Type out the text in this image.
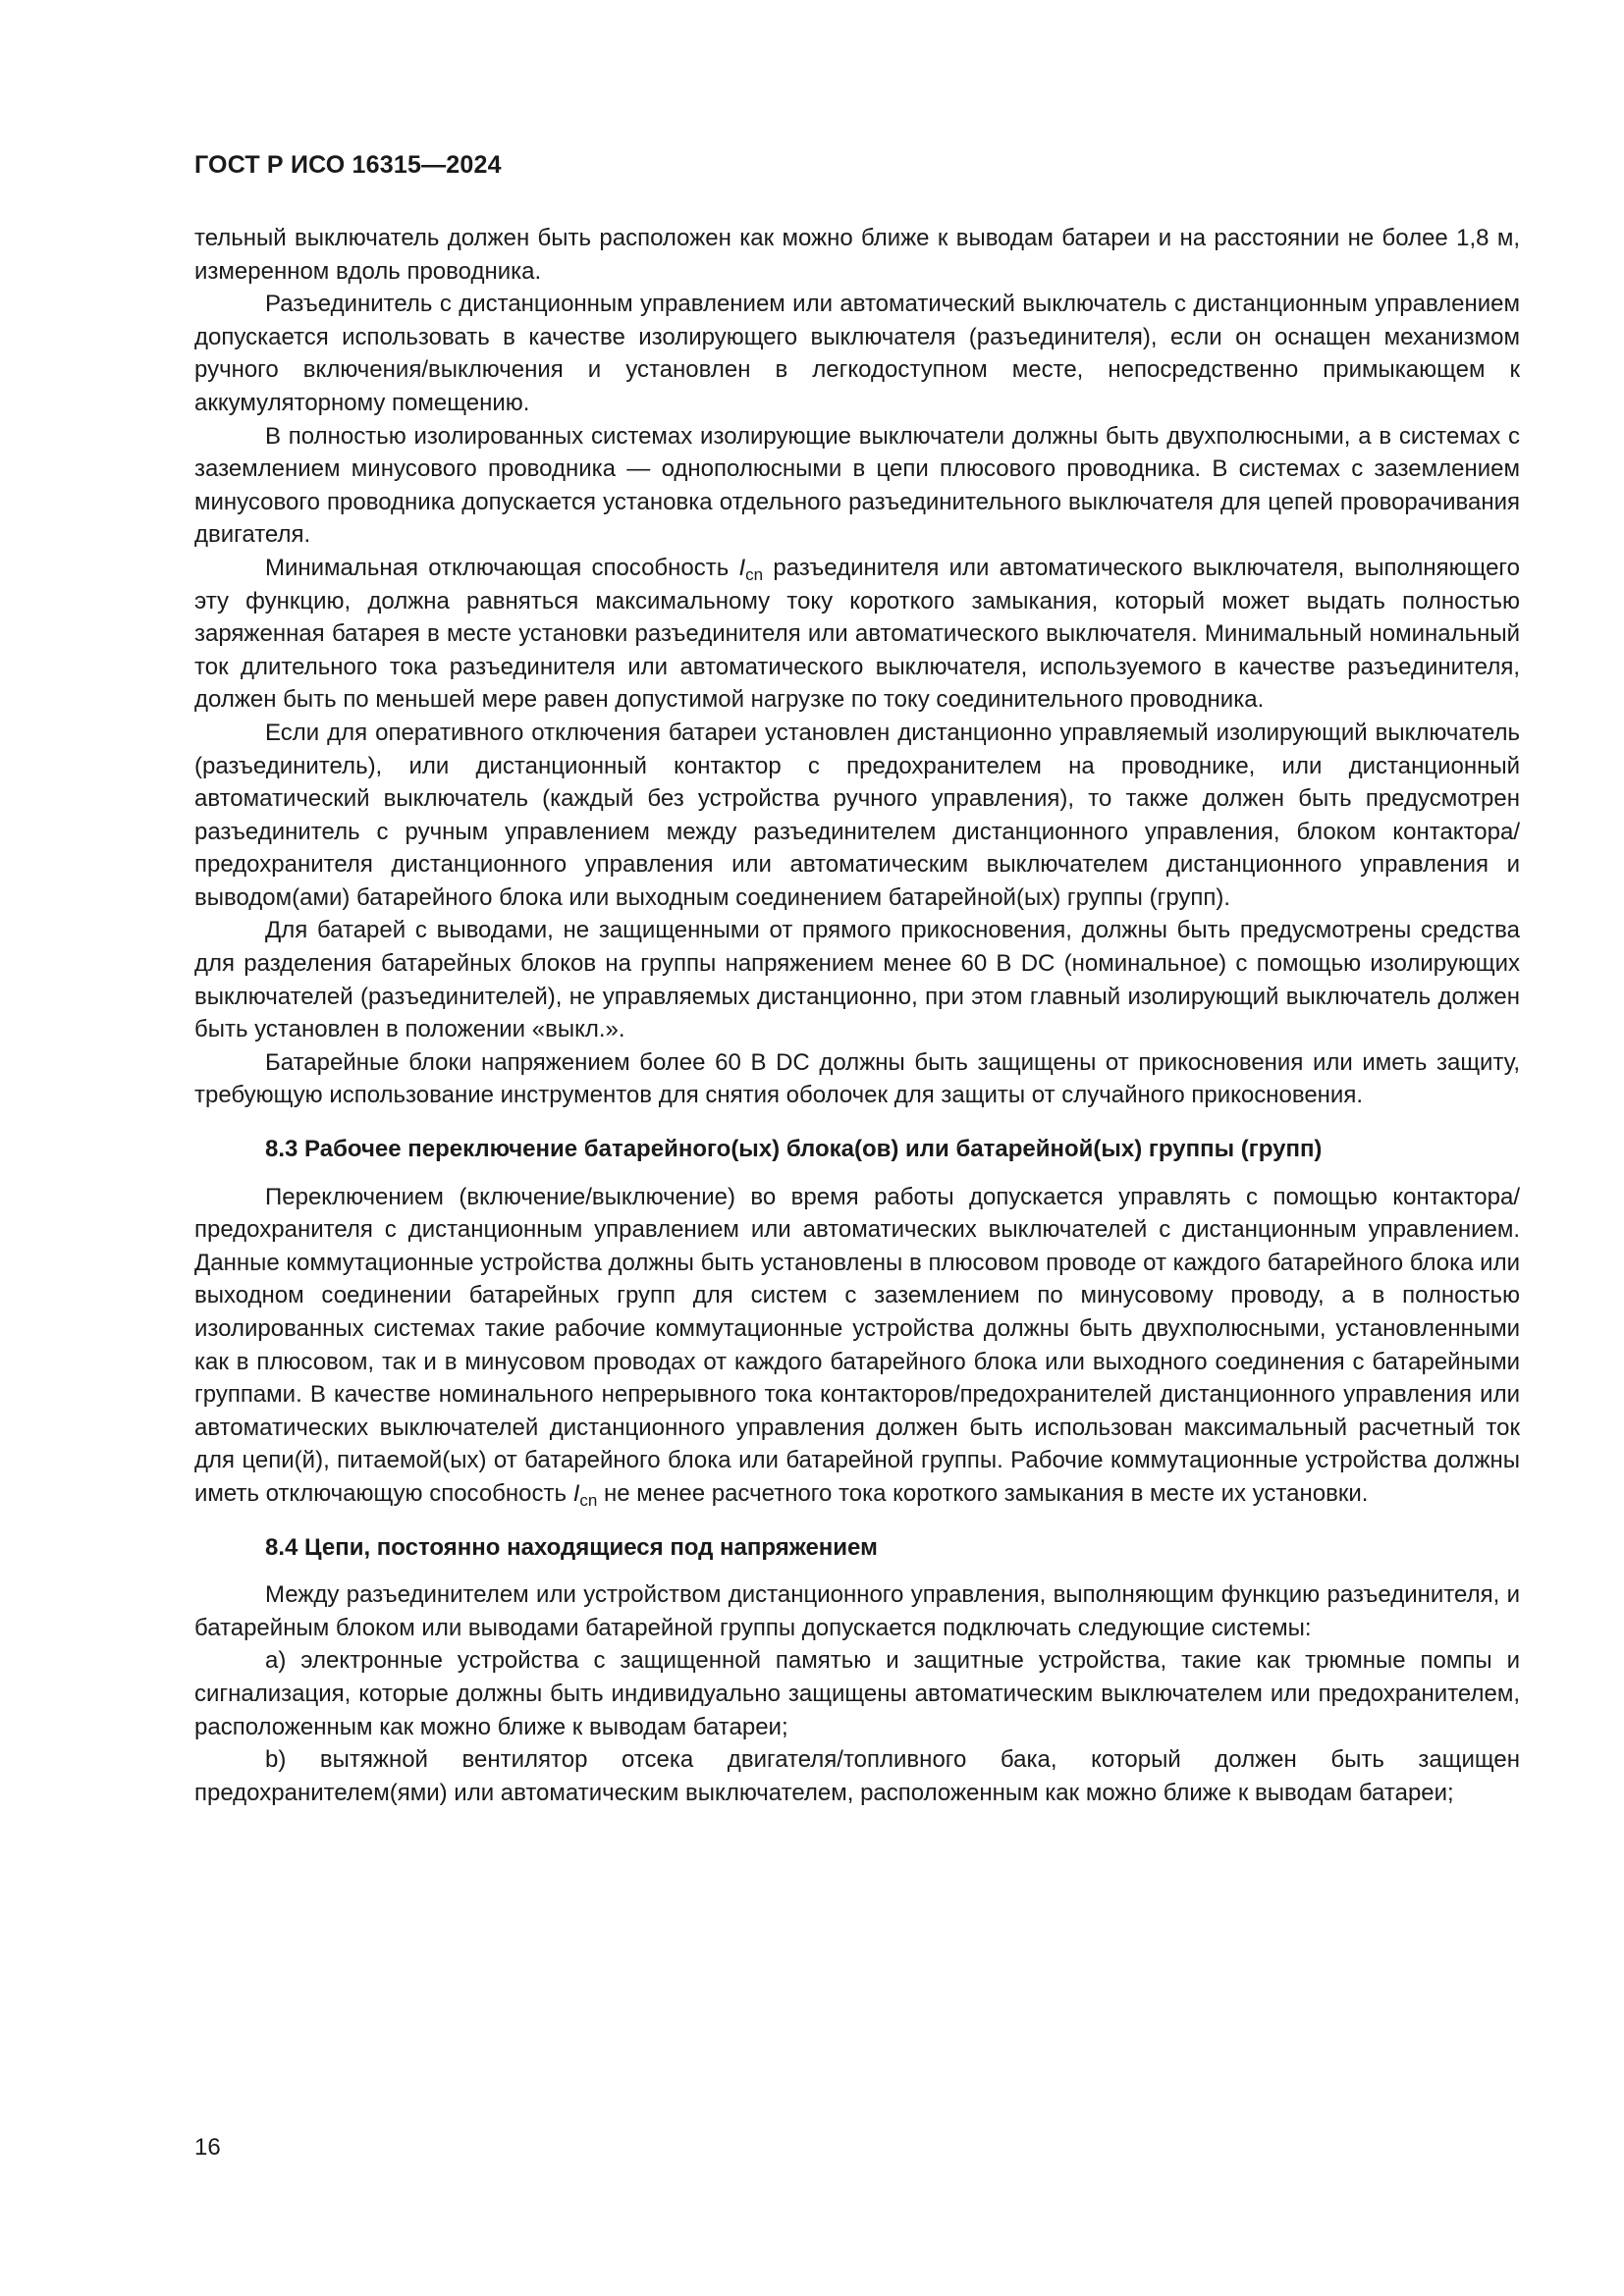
ГОСТ Р ИСО 16315—2024

тельный выключатель должен быть расположен как можно ближе к выводам батареи и на расстоянии не более 1,8 м, измеренном вдоль проводника.

Разъединитель с дистанционным управлением или автоматический выключатель с дистанционным управлением допускается использовать в качестве изолирующего выключателя (разъединителя), если он оснащен механизмом ручного включения/выключения и установлен в легкодоступном месте, непосредственно примыкающем к аккумуляторному помещению.

В полностью изолированных системах изолирующие выключатели должны быть двухполюсными, а в системах с заземлением минусового проводника — однополюсными в цепи плюсового проводника. В системах с заземлением минусового проводника допускается установка отдельного разъединительного выключателя для цепей проворачивания двигателя.

Минимальная отключающая способность $I_{cn}$ разъединителя или автоматического выключателя, выполняющего эту функцию, должна равняться максимальному току короткого замыкания, который может выдать полностью заряженная батарея в месте установки разъединителя или автоматического выключателя. Минимальный номинальный ток длительного тока разъединителя или автоматического выключателя, используемого в качестве разъединителя, должен быть по меньшей мере равен допустимой нагрузке по току соединительного проводника.

Если для оперативного отключения батареи установлен дистанционно управляемый изолирующий выключатель (разъединитель), или дистанционный контактор с предохранителем на проводнике, или дистанционный автоматический выключатель (каждый без устройства ручного управления), то также должен быть предусмотрен разъединитель с ручным управлением между разъединителем дистанционного управления, блоком контактора/предохранителя дистанционного управления или автоматическим выключателем дистанционного управления и выводом(ами) батарейного блока или выходным соединением батарейной(ых) группы (групп).

Для батарей с выводами, не защищенными от прямого прикосновения, должны быть предусмотрены средства для разделения батарейных блоков на группы напряжением менее 60 В DC (номинальное) с помощью изолирующих выключателей (разъединителей), не управляемых дистанционно, при этом главный изолирующий выключатель должен быть установлен в положении «выкл.».

Батарейные блоки напряжением более 60 В DC должны быть защищены от прикосновения или иметь защиту, требующую использование инструментов для снятия оболочек для защиты от случайного прикосновения.

8.3 Рабочее переключение батарейного(ых) блока(ов) или батарейной(ых) группы (групп)

Переключением (включение/выключение) во время работы допускается управлять с помощью контактора/предохранителя с дистанционным управлением или автоматических выключателей с дистанционным управлением. Данные коммутационные устройства должны быть установлены в плюсовом проводе от каждого батарейного блока или выходном соединении батарейных групп для систем с заземлением по минусовому проводу, а в полностью изолированных системах такие рабочие коммутационные устройства должны быть двухполюсными, установленными как в плюсовом, так и в минусовом проводах от каждого батарейного блока или выходного соединения с батарейными группами. В качестве номинального непрерывного тока контакторов/предохранителей дистанционного управления или автоматических выключателей дистанционного управления должен быть использован максимальный расчетный ток для цепи(й), питаемой(ых) от батарейного блока или батарейной группы. Рабочие коммутационные устройства должны иметь отключающую способность $I_{cn}$ не менее расчетного тока короткого замыкания в месте их установки.

8.4 Цепи, постоянно находящиеся под напряжением

Между разъединителем или устройством дистанционного управления, выполняющим функцию разъединителя, и батарейным блоком или выводами батарейной группы допускается подключать следующие системы:

a) электронные устройства с защищенной памятью и защитные устройства, такие как трюмные помпы и сигнализация, которые должны быть индивидуально защищены автоматическим выключателем или предохранителем, расположенным как можно ближе к выводам батареи;

b) вытяжной вентилятор отсека двигателя/топливного бака, который должен быть защищен предохранителем(ями) или автоматическим выключателем, расположенным как можно ближе к выводам батареи;

16
